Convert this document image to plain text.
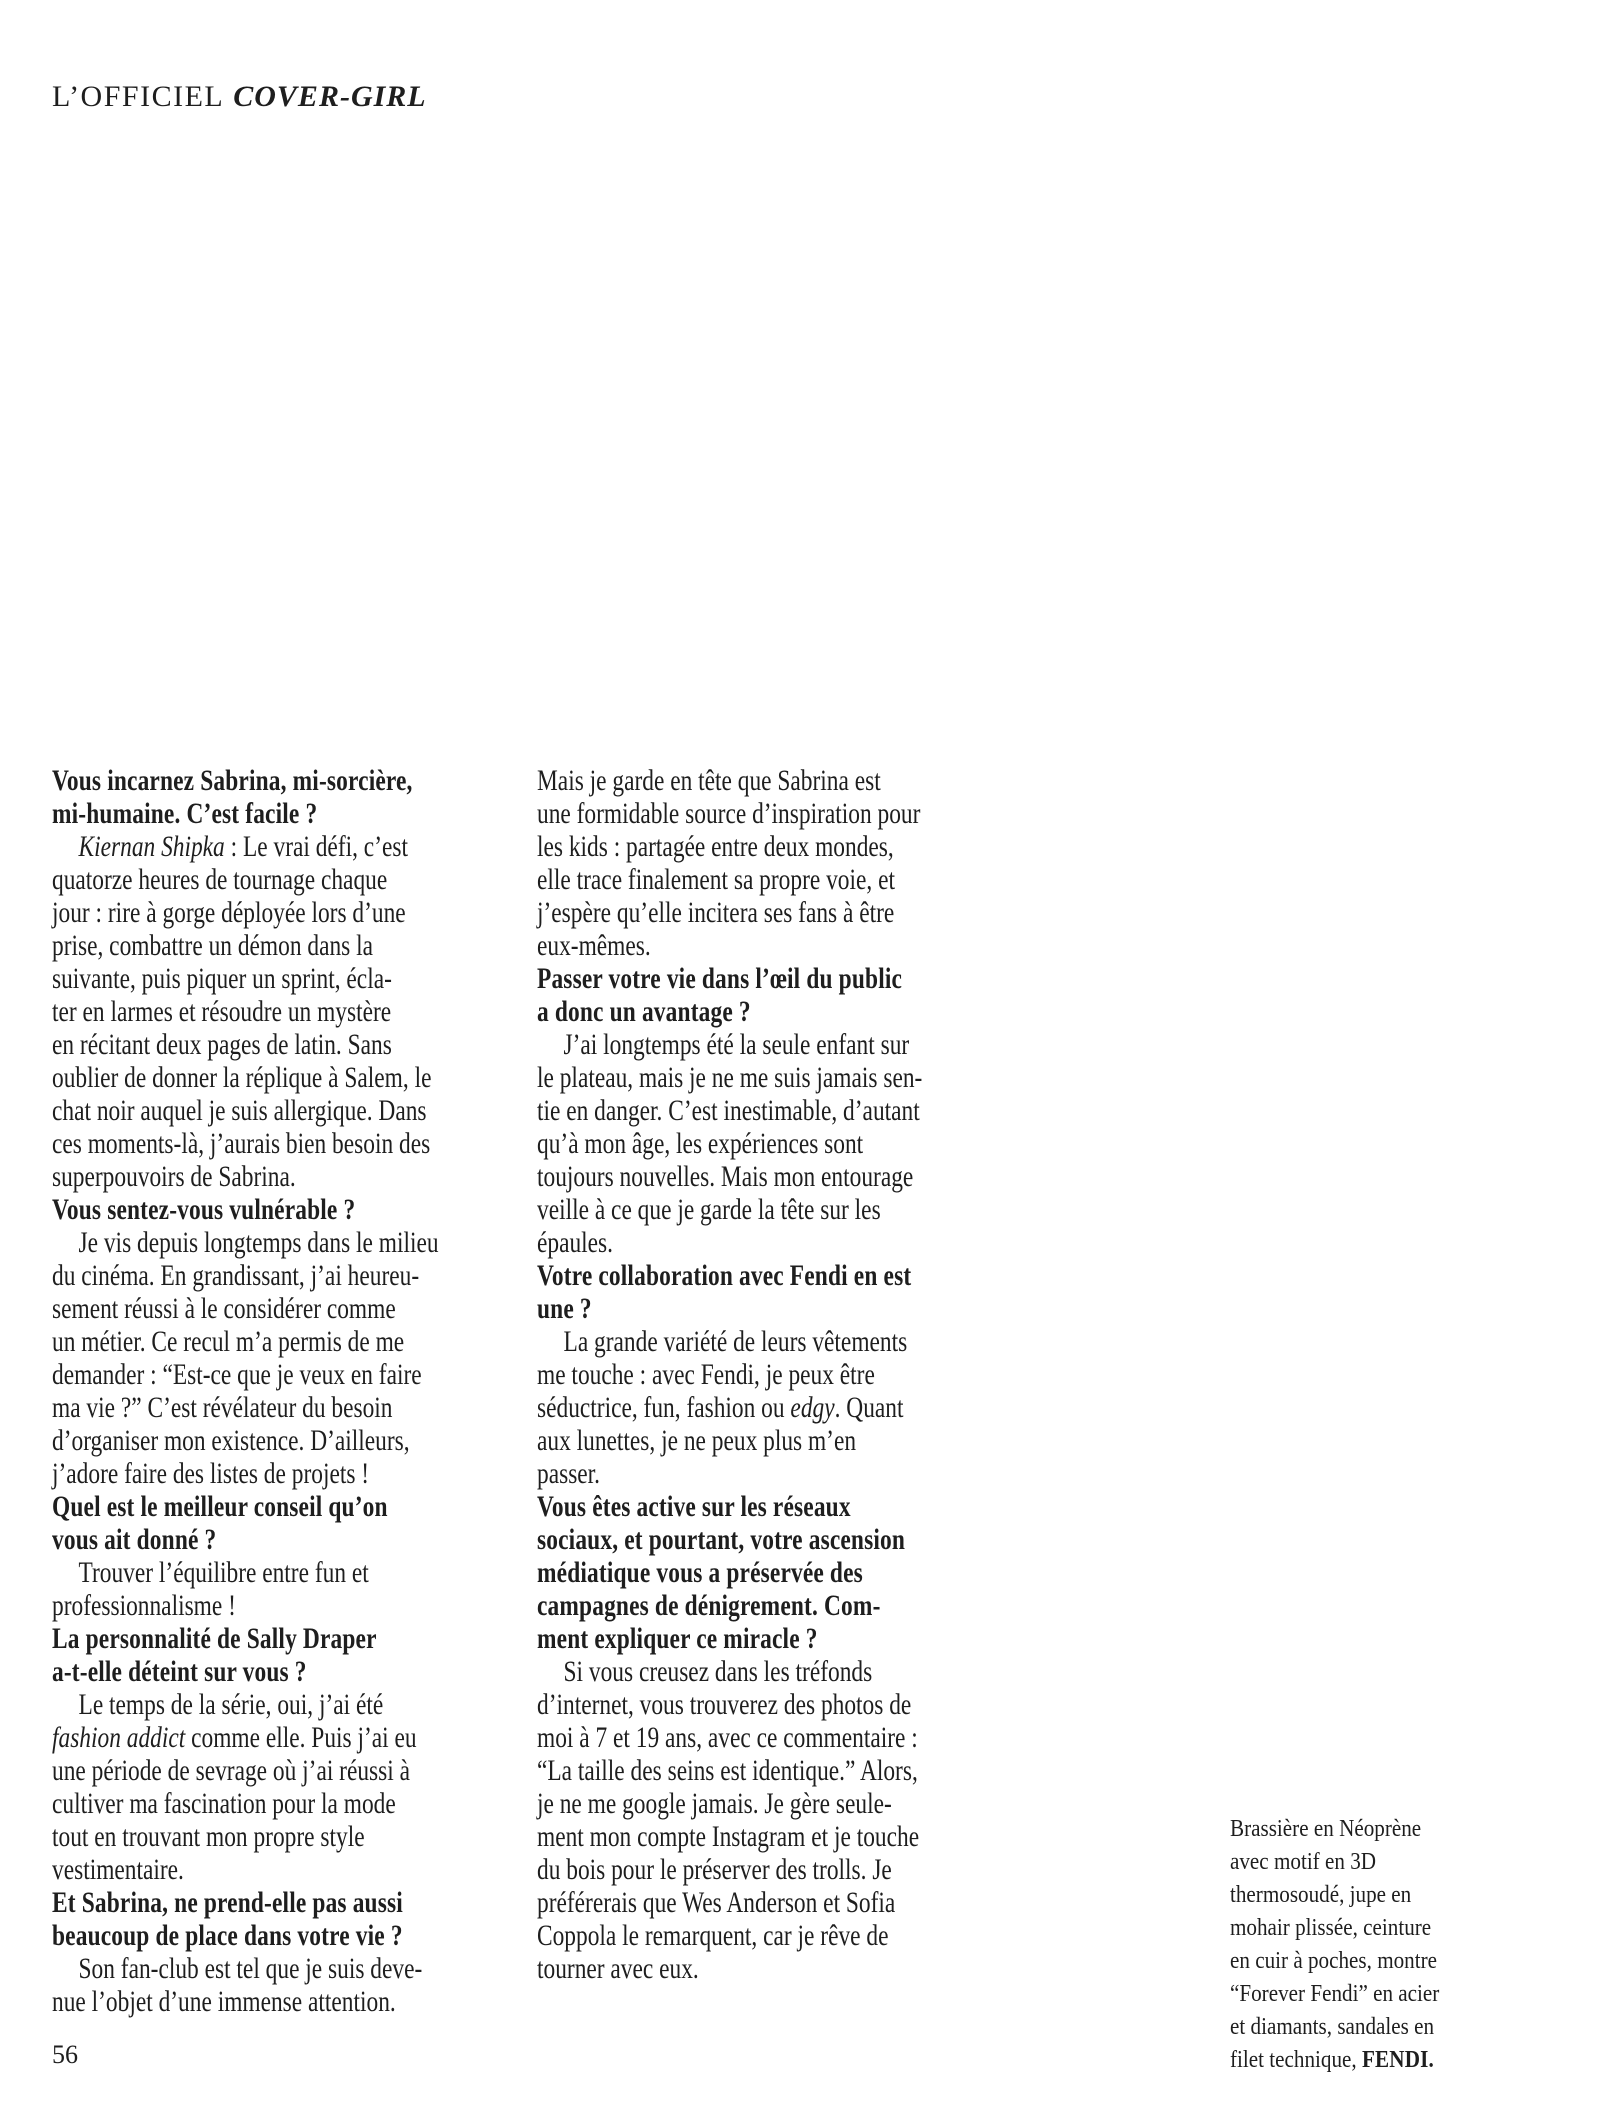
L’OFFICIEL COVER-GIRL
Vous incarnez Sabrina, mi-sorcière,
mi-humaine. C’est facile ?
Kiernan Shipka : Le vrai défi, c’est
quatorze heures de tournage chaque
jour : rire à gorge déployée lors d’une
prise, combattre un démon dans la
suivante, puis piquer un sprint, écla-
ter en larmes et résoudre un mystère
en récitant deux pages de latin. Sans
oublier de donner la réplique à Salem, le
chat noir auquel je suis allergique. Dans
ces moments-là, j’aurais bien besoin des
superpouvoirs de Sabrina.
Vous sentez-vous vulnérable ?
Je vis depuis longtemps dans le milieu
du cinéma. En grandissant, j’ai heureu-
sement réussi à le considérer comme
un métier. Ce recul m’a permis de me
demander : “Est-ce que je veux en faire
ma vie ?” C’est révélateur du besoin
d’organiser mon existence. D’ailleurs,
j’adore faire des listes de projets !
Quel est le meilleur conseil qu’on
vous ait donné ?
Trouver l’équilibre entre fun et
professionnalisme !
La personnalité de Sally Draper
a-t-elle déteint sur vous ?
Le temps de la série, oui, j’ai été
fashion addict comme elle. Puis j’ai eu
une période de sevrage où j’ai réussi à
cultiver ma fascination pour la mode
tout en trouvant mon propre style
vestimentaire.
Et Sabrina, ne prend-elle pas aussi
beaucoup de place dans votre vie ?
Son fan-club est tel que je suis deve-
nue l’objet d’une immense attention.
Mais je garde en tête que Sabrina est
une formidable source d’inspiration pour
les kids : partagée entre deux mondes,
elle trace finalement sa propre voie, et
j’espère qu’elle incitera ses fans à être
eux-mêmes.
Passer votre vie dans l’œil du public
a donc un avantage ?
J’ai longtemps été la seule enfant sur
le plateau, mais je ne me suis jamais sen-
tie en danger. C’est inestimable, d’autant
qu’à mon âge, les expériences sont
toujours nouvelles. Mais mon entourage
veille à ce que je garde la tête sur les
épaules.
Votre collaboration avec Fendi en est
une ?
La grande variété de leurs vêtements
me touche : avec Fendi, je peux être
séductrice, fun, fashion ou edgy. Quant
aux lunettes, je ne peux plus m’en
passer.
Vous êtes active sur les réseaux
sociaux, et pourtant, votre ascension
médiatique vous a préservée des
campagnes de dénigrement. Com-
ment expliquer ce miracle ?
Si vous creusez dans les tréfonds
d’internet, vous trouverez des photos de
moi à 7 et 19 ans, avec ce commentaire :
“La taille des seins est identique.” Alors,
je ne me google jamais. Je gère seule-
ment mon compte Instagram et je touche
du bois pour le préserver des trolls. Je
préférerais que Wes Anderson et Sofia
Coppola le remarquent, car je rêve de
tourner avec eux.
Brassière en Néoprène
avec motif en 3D
thermosoudé, jupe en
mohair plissée, ceinture
en cuir à poches, montre
“Forever Fendi” en acier
et diamants, sandales en
filet technique, FENDI.
56
